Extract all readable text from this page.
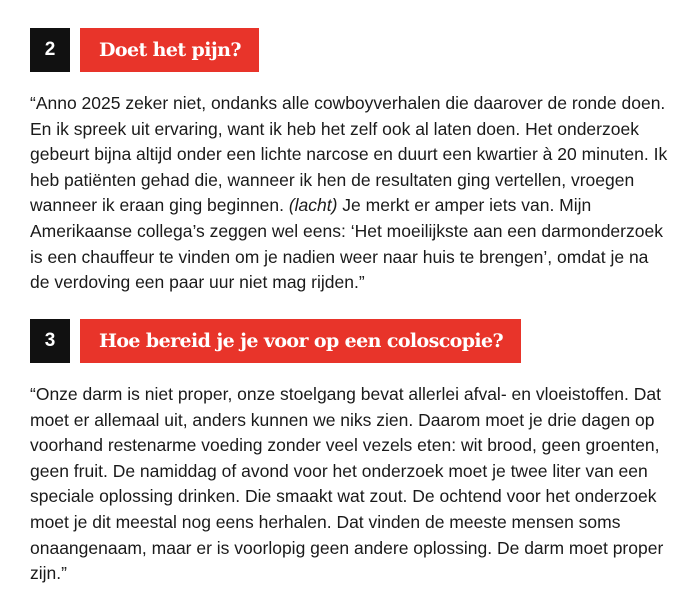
2	Doet het pijn?

“Anno 2025 zeker niet, ondanks alle cowboyverhalen die daarover de ronde doen. En ik spreek uit ervaring, want ik heb het zelf ook al laten doen. Het onderzoek gebeurt bijna altijd onder een lichte narcose en duurt een kwartier à 20 minuten. Ik heb patiënten gehad die, wanneer ik hen de resultaten ging vertellen, vroegen wanneer ik eraan ging beginnen. (lacht) Je merkt er amper iets van. Mijn Amerikaanse collega’s zeggen wel eens: ‘Het moeilijkste aan een darmonderzoek is een chauffeur te vinden om je nadien weer naar huis te brengen’, omdat je na de verdoving een paar uur niet mag rijden.”

3	Hoe bereid je je voor op een coloscopie?

“Onze darm is niet proper, onze stoelgang bevat allerlei afval- en vloeistoffen. Dat moet er allemaal uit, anders kunnen we niks zien. Daarom moet je drie dagen op voorhand restenarme voeding zonder veel vezels eten: wit brood, geen groenten, geen fruit. De namiddag of avond voor het onderzoek moet je twee liter van een speciale oplossing drinken. Die smaakt wat zout. De ochtend voor het onderzoek moet je dit meestal nog eens herhalen. Dat vinden de meeste mensen soms onaangenaam, maar er is voorlopig geen andere oplossing. De darm moet proper zijn.”
